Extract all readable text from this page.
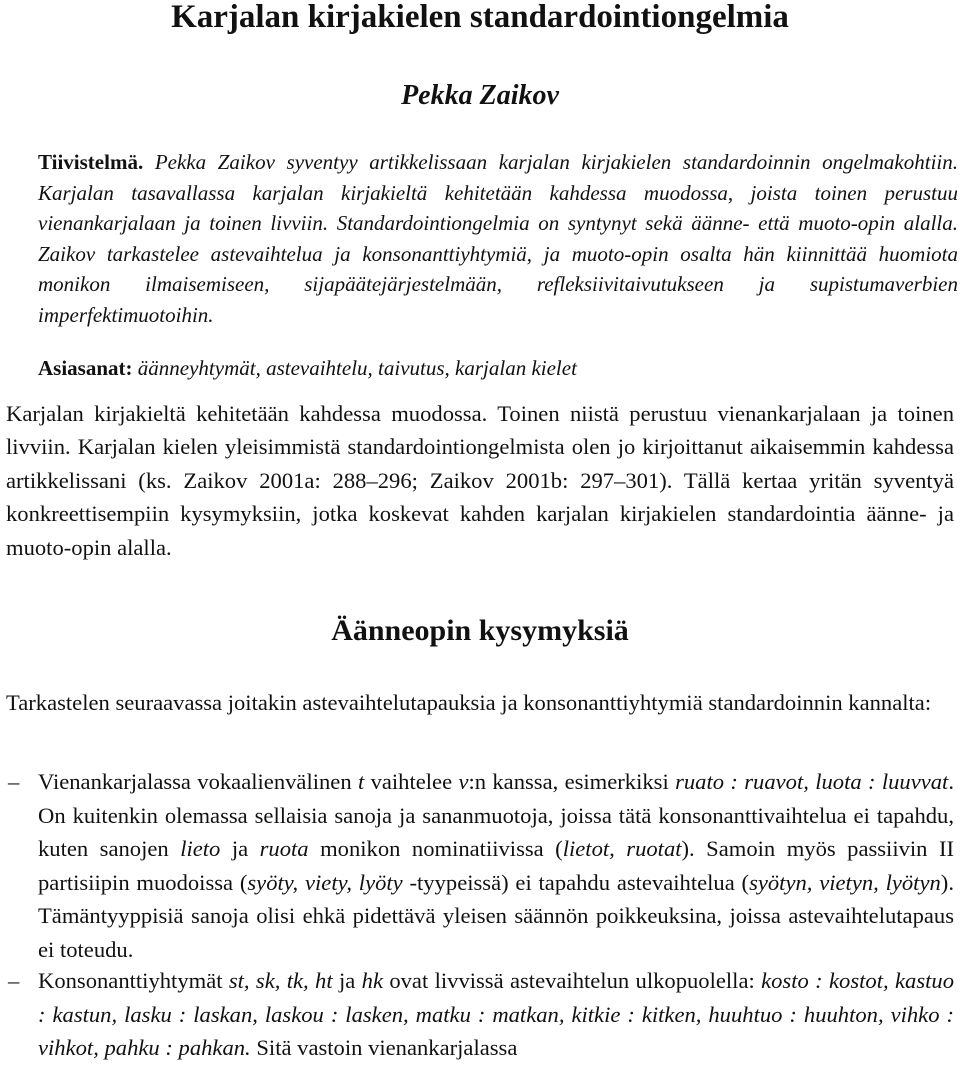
Karjalan kirjakielen standardointiongelmia
Pekka Zaikov
Tiivistelmä. Pekka Zaikov syventyy artikkelissaan karjalan kirjakielen standardoinnin ongelmakohtiin. Karjalan tasavallassa karjalan kirjakieltä kehitetään kahdessa muodossa, joista toinen perustuu vienankarjalaan ja toinen livviin. Standardointiongelmia on syntynyt sekä äänne- että muoto-opin alalla. Zaikov tarkastelee astevaihtelua ja konsonanttiyhtymiä, ja muoto-opin osalta hän kiinnittää huomiota monikon ilmaisemiseen, sijapäätejärjestelmään, refleksiivitaivutukseen ja supistumaverbien imperfektimuotoihin.
Asiasanat: äänneyhtymät, astevaihtelu, taivutus, karjalan kielet

Karjalan kirjakieltä kehitetään kahdessa muodossa. Toinen niistä perustuu vienankarjalaan ja toinen livviin. Karjalan kielen yleisimmistä standardointiongelmista olen jo kirjoittanut aikaisemmin kahdessa artikkelissani (ks. Zaikov 2001a: 288–296; Zaikov 2001b: 297–301). Tällä kertaa yritän syventyä konkreettisempiin kysymyksiin, jotka koskevat kahden karjalan kirjakielen standardointia äänne- ja muoto-opin alalla.

Äänneopin kysymyksiä

Tarkastelen seuraavassa joitakin astevaihtelutapauksia ja konsonanttiyhtymiä standardoinnin kannalta:

– Vienankarjalassa vokaalienvälinen t vaihtelee v:n kanssa, esimerkiksi ruato : ruavot, luota : luuvvat. On kuitenkin olemassa sellaisia sanoja ja sananmuotoja, joissa tätä konsonanttivaihtelua ei tapahdu, kuten sanojen lieto ja ruota monikon nominatiivissa (lietot, ruotat). Samoin myös passiivin II partisiipin muodoissa (syöty, viety, lyöty -tyypeissä) ei tapahdu astevaihtelua (syötyn, vietyn, lyötyn). Tämäntyyppisiä sanoja olisi ehkä pidettävä yleisen säännön poikkeuksina, joissa astevaihtelutapaus ei toteudu.
– Konsonanttiyhtymät st, sk, tk, ht ja hk ovat livvissä astevaihtelun ulkopuolella: kosto : kostot, kastuo : kastun, lasku : laskan, laskou : lasken, matku : matkan, kitkie : kitken, huuhtuo : huuhton, vihko : vihkot, pahku : pahkan. Sitä vastoin vienankarjalassa
